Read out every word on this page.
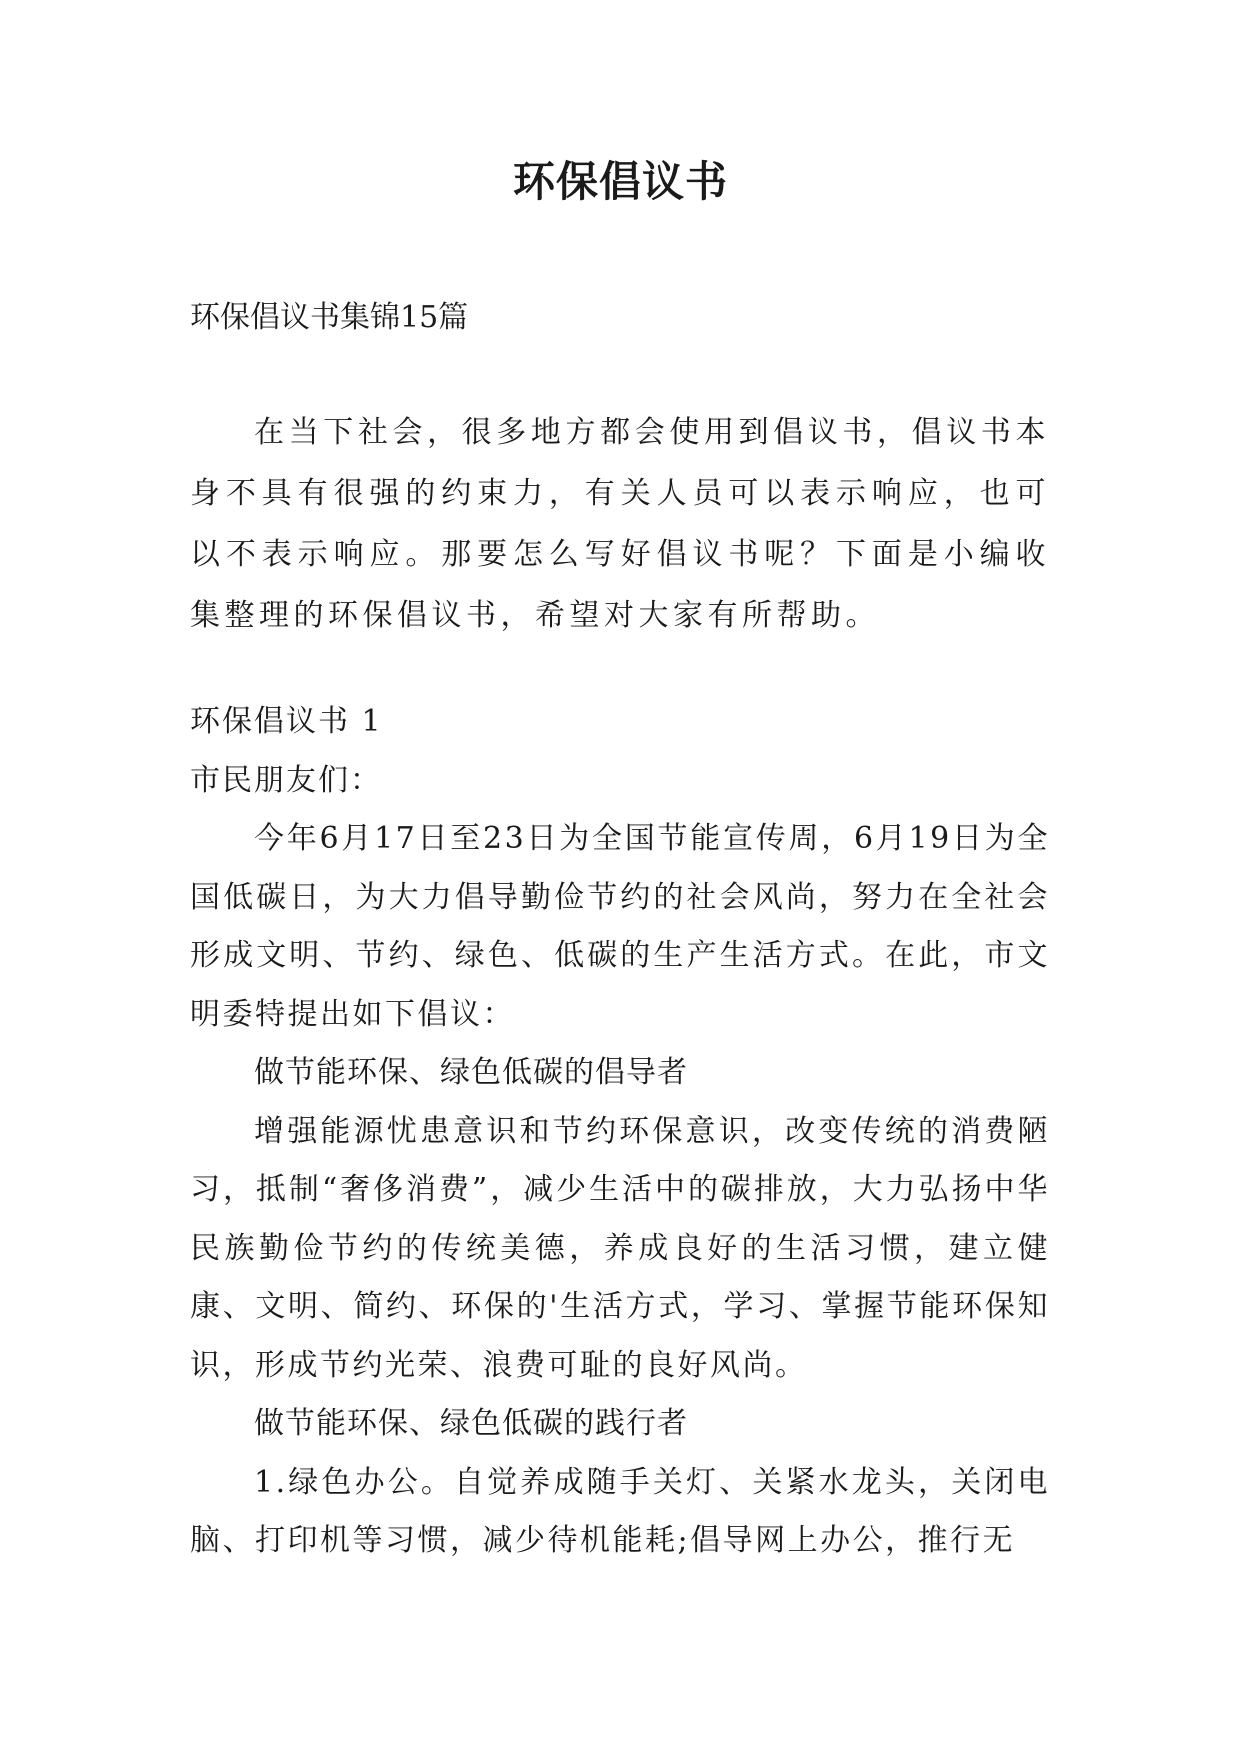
环保倡议书
环保倡议书集锦15篇

在当下社会，很多地方都会使用到倡议书，倡议书本身不具有很强的约束力，有关人员可以表示响应，也可以不表示响应。那要怎么写好倡议书呢？下面是小编收集整理的环保倡议书，希望对大家有所帮助。

环保倡议书 1

市民朋友们：

今年6月17日至23日为全国节能宣传周，6月19日为全国低碳日，为大力倡导勤俭节约的社会风尚，努力在全社会形成文明、节约、绿色、低碳的生产生活方式。在此，市文明委特提出如下倡议：

做节能环保、绿色低碳的倡导者

增强能源忧患意识和节约环保意识，改变传统的消费陋习，抵制“奢侈消费”，减少生活中的碳排放，大力弘扬中华民族勤俭节约的传统美德，养成良好的生活习惯，建立健康、文明、简约、环保的'生活方式，学习、掌握节能环保知识，形成节约光荣、浪费可耻的良好风尚。

做节能环保、绿色低碳的践行者

1.绿色办公。自觉养成随手关灯、关紧水龙头，关闭电脑、打印机等习惯，减少待机能耗;倡导网上办公，推行无
